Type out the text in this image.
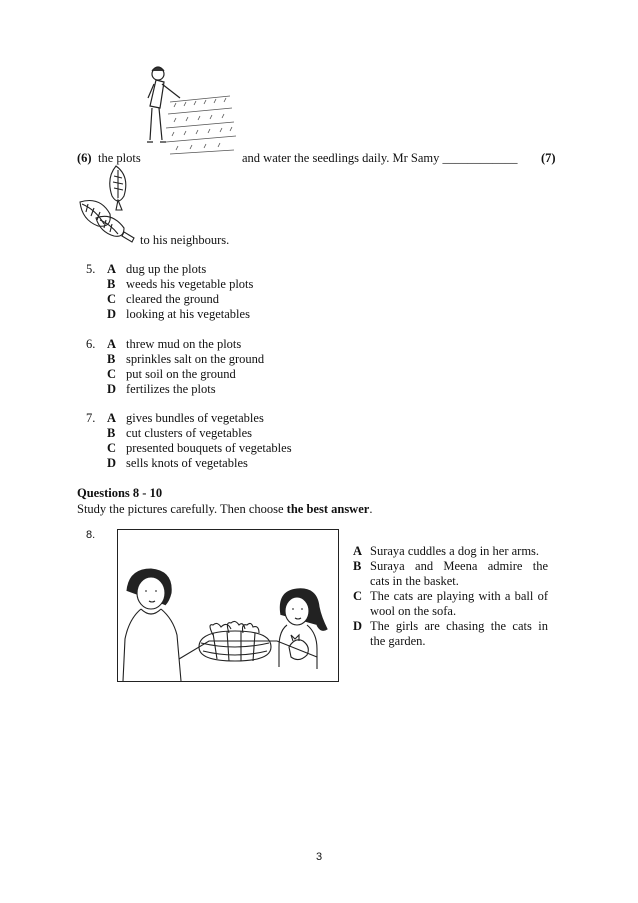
(6) the plots	and water the seedlings daily. Mr Samy ____________ (7)
to his neighbours.
5. A dug up the plots
B weeds his vegetable plots
C cleared the ground
D looking at his vegetables
6. A threw mud on the plots
B sprinkles salt on the ground
C put soil on the ground
D fertilizes the plots
7. A gives bundles of vegetables
B cut clusters of vegetables
C presented bouquets of vegetables
D sells knots of vegetables
Questions 8 - 10
Study the pictures carefully. Then choose the best answer.
8.
A Suraya cuddles a dog in her arms.
B Suraya and Meena admire the
cats in the basket.
C The cats are playing with a ball of
wool on the sofa.
D The girls are chasing the cats in
the garden.
3
